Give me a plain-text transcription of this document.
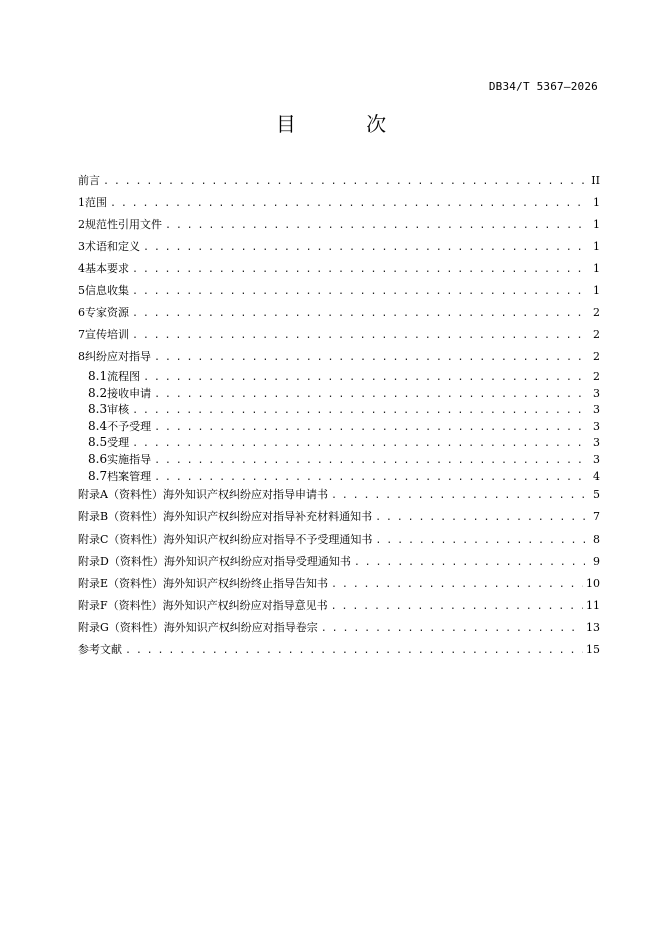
DB34/T 5367—2026
目 次
前言 . . .	II
1 范围 . . .	1
2 规范性引用文件 . . .	1
3 术语和定义 . . .	1
4 基本要求 . . .	1
5 信息收集 . . .	1
6 专家资源 . . .	2
7 宣传培训 . . .	2
8 纠纷应对指导 . . .	2
8.1 流程图 . . .	2
8.2 接收申请 . . .	3
8.3 审核 . . .	3
8.4 不予受理 . . .	3
8.5 受理 . . .	3
8.6 实施指导 . . .	3
8.7 档案管理 . . .	4
附录A（资料性） 海外知识产权纠纷应对指导申请书 . . .	5
附录B（资料性） 海外知识产权纠纷应对指导补充材料通知书 . . .	7
附录C（资料性） 海外知识产权纠纷应对指导不予受理通知书 . . .	8
附录D（资料性） 海外知识产权纠纷应对指导受理通知书 . . .	9
附录E（资料性） 海外知识产权纠纷终止指导告知书 . . .	10
附录F（资料性） 海外知识产权纠纷应对指导意见书 . . .	11
附录G（资料性） 海外知识产权纠纷应对指导卷宗 . . .	13
参考文献 . . .	15
